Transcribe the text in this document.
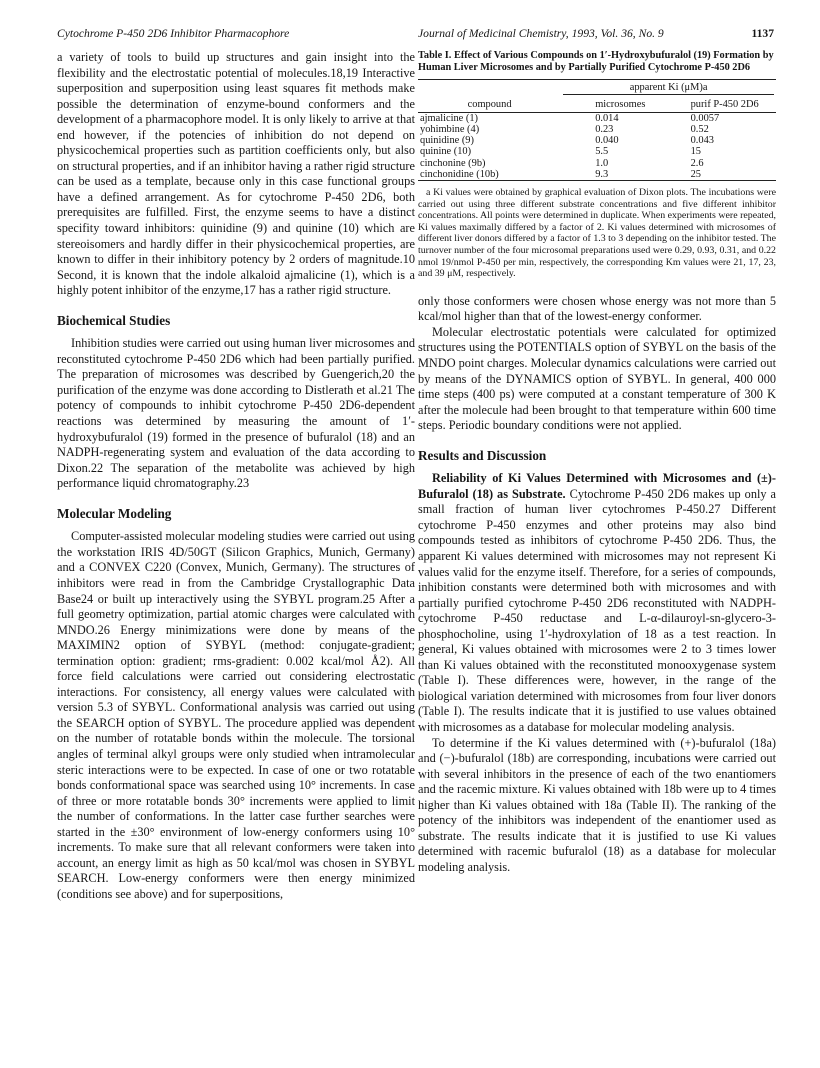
Cytochrome P-450 2D6 Inhibitor Pharmacophore	Journal of Medicinal Chemistry, 1993, Vol. 36, No. 9	1137

a variety of tools to build up structures and gain insight into the flexibility and the electrostatic potential of molecules.18,19 Interactive superposition and superposition using least squares fit methods make possible the determination of enzyme-bound conformers and the development of a pharmacophore model. It is only likely to arrive at that end however, if the potencies of inhibition do not depend on physicochemical properties such as partition coefficients only, but also on structural properties, and if an inhibitor having a rather rigid structure can be used as a template, because only in this case functional groups have a defined arrangement. As for cytochrome P-450 2D6, both prerequisites are fulfilled. First, the enzyme seems to have a distinct specifity toward inhibitors: quinidine (9) and quinine (10) which are stereoisomers and hardly differ in their physicochemical properties, are known to differ in their inhibitory potency by 2 orders of magnitude.10 Second, it is known that the indole alkaloid ajmalicine (1), which is a highly potent inhibitor of the enzyme,17 has a rather rigid structure.

Biochemical Studies

Inhibition studies were carried out using human liver microsomes and reconstituted cytochrome P-450 2D6 which had been partially purified. The preparation of microsomes was described by Guengerich,20 the purification of the enzyme was done according to Distlerath et al.21 The potency of compounds to inhibit cytochrome P-450 2D6-dependent reactions was determined by measuring the amount of 1′-hydroxybufuralol (19) formed in the presence of bufuralol (18) and an NADPH-regenerating system and evaluation of the data according to Dixon.22 The separation of the metabolite was achieved by high performance liquid chromatography.23

Molecular Modeling

Computer-assisted molecular modeling studies were carried out using the workstation IRIS 4D/50GT (Silicon Graphics, Munich, Germany) and a CONVEX C220 (Convex, Munich, Germany). The structures of inhibitors were read in from the Cambridge Crystallographic Data Base24 or built up interactively using the SYBYL program.25 After a full geometry optimization, partial atomic charges were calculated with MNDO.26 Energy minimizations were done by means of the MAXIMIN2 option of SYBYL (method: conjugate-gradient; termination option: gradient; rms-gradient: 0.002 kcal/mol Å2). All force field calculations were carried out considering electrostatic interactions. For consistency, all energy values were calculated with version 5.3 of SYBYL. Conformational analysis was carried out using the SEARCH option of SYBYL. The procedure applied was dependent on the number of rotatable bonds within the molecule. The torsional angles of terminal alkyl groups were only studied when intramolecular steric interactions were to be expected. In case of one or two rotatable bonds conformational space was searched using 10° increments. In case of three or more rotatable bonds 30° increments were applied to limit the number of conformations. In the latter case further searches were started in the ±30° environment of low-energy conformers using 10° increments. To make sure that all relevant conformers were taken into account, an energy limit as high as 50 kcal/mol was chosen in SYBYL SEARCH. Low-energy conformers were then energy minimized (conditions see above) and for superpositions,

Table I. Effect of Various Compounds on 1′-Hydroxybufuralol (19) Formation by Human Liver Microsomes and by Partially Purified Cytochrome P-450 2D6

	apparent Ki (μM)a	

compound	microsomes	purif P-450 2D6
ajmalicine (1)	0.014	0.0057
yohimbine (4)	0.23	0.52
quinidine (9)	0.040	0.043
quinine (10)	5.5	15
cinchonine (9b)	1.0	2.6
cinchonidine (10b)	9.3	25
a Ki values were obtained by graphical evaluation of Dixon plots. The incubations were carried out using three different substrate concentrations and five different inhibitor concentrations. All points were determined in duplicate. When experiments were repeated, Ki values maximally differed by a factor of 2. Ki values determined with microsomes of different liver donors differed by a factor of 1.3 to 3 depending on the inhibitor tested. The turnover number of the four microsomal preparations used were 0.29, 0.93, 0.31, and 0.22 nmol 19/nmol P-450 per min, respectively, the corresponding Km values were 21, 17, 23, and 39 μM, respectively.

only those conformers were chosen whose energy was not more than 5 kcal/mol higher than that of the lowest-energy conformer.

Molecular electrostatic potentials were calculated for optimized structures using the POTENTIALS option of SYBYL on the basis of the MNDO point charges. Molecular dynamics calculations were carried out by means of the DYNAMICS option of SYBYL. In general, 400 000 time steps (400 ps) were computed at a constant temperature of 300 K after the molecule had been brought to that temperature within 600 time steps. Periodic boundary conditions were not applied.

Results and Discussion

Reliability of Ki Values Determined with Microsomes and (±)-Bufuralol (18) as Substrate. Cytochrome P-450 2D6 makes up only a small fraction of human liver cytochromes P-450.27 Different cytochrome P-450 enzymes and other proteins may also bind compounds tested as inhibitors of cytochrome P-450 2D6. Thus, the apparent Ki values determined with microsomes may not represent Ki values valid for the enzyme itself. Therefore, for a series of compounds, inhibition constants were determined both with microsomes and with partially purified cytochrome P-450 2D6 reconstituted with NADPH-cytochrome P-450 reductase and L-α-dilauroyl-sn-glycero-3-phosphocholine, using 1′-hydroxylation of 18 as a test reaction. In general, Ki values obtained with microsomes were 2 to 3 times lower than Ki values obtained with the reconstituted monooxygenase system (Table I). These differences were, however, in the range of the biological variation determined with microsomes from four liver donors (Table I). The results indicate that it is justified to use values obtained with microsomes as a database for molecular modeling analysis.

To determine if the Ki values determined with (+)-bufuralol (18a) and (−)-bufuralol (18b) are corresponding, incubations were carried out with several inhibitors in the presence of each of the two enantiomers and the racemic mixture. Ki values obtained with 18b were up to 4 times higher than Ki values obtained with 18a (Table II). The ranking of the potency of the inhibitors was independent of the enantiomer used as substrate. The results indicate that it is justified to use Ki values determined with racemic bufuralol (18) as a database for molecular modeling analysis.
